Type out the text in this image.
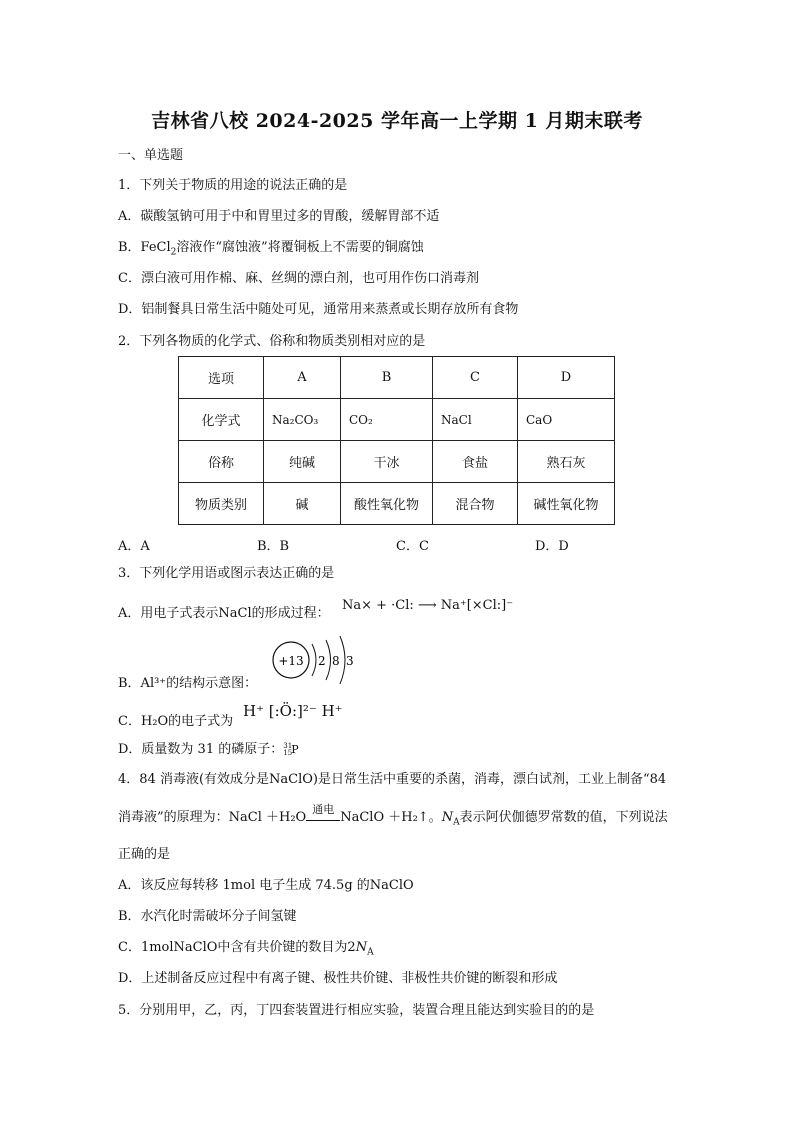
吉林省八校 2024-2025 学年高一上学期 1 月期末联考
一、单选题
1．下列关于物质的用途的说法正确的是
A．碳酸氢钠可用于中和胃里过多的胃酸，缓解胃部不适
B．FeCl$_2$溶液作“腐蚀液”将覆铜板上不需要的铜腐蚀
C．漂白液可用作棉、麻、丝绸的漂白剂，也可用作伤口消毒剂
D．铝制餐具日常生活中随处可见，通常用来蒸煮或长期存放所有食物
2．下列各物质的化学式、俗称和物质类别相对应的是
选项	A	B	C	D
化学式	Na₂CO₃	CO₂	NaCl	CaO
俗称	纯碱	干冰	食盐	熟石灰
物质类别	碱	酸性氧化物	混合物	碱性氧化物
A．A	B．B	C．C	D．D
3．下列化学用语或图示表达正确的是
A．用电子式表示NaCl的形成过程：
Na× + ·Cl: ⟶ Na⁺[×Cl:]⁻
B．Al³⁺的结构示意图：
+13 2 8 3
C．H₂O的电子式为
H⁺ [:Ö:]²⁻ H⁺
D．质量数为 31 的磷原子： 31
15 P
4．84 消毒液(有效成分是NaClO)是日常生活中重要的杀菌，消毒，漂白试剂，工业上制备“84
消毒液”的原理为：NaCl ＋H₂O
通电
NaClO ＋H₂↑。$N_A$表示阿伏伽德罗常数的值，下列说法
正确的是
A．该反应每转移 1mol 电子生成 74.5g 的NaClO
B．水汽化时需破坏分子间氢键
C．1molNaClO中含有共价键的数目为$2N_A$
D．上述制备反应过程中有离子键、极性共价键、非极性共价键的断裂和形成
5．分别用甲，乙，丙，丁四套装置进行相应实验，装置合理且能达到实验目的的是
